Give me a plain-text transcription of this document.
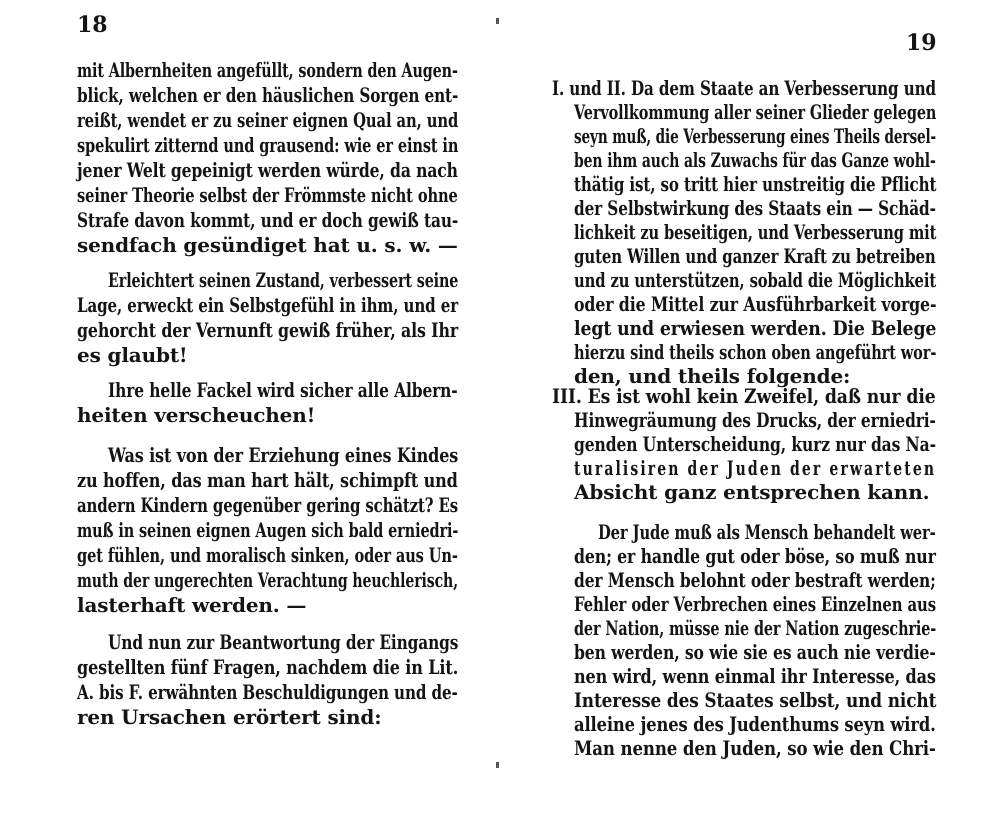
18
19
mit Albernheiten angefüllt, sondern den Augen-
blick, welchen er den häuslichen Sorgen ent-
reißt, wendet er zu seiner eignen Qual an, und
spekulirt zitternd und grausend: wie er einst in
jener Welt gepeinigt werden würde, da nach
seiner Theorie selbst der Frömmste nicht ohne
Strafe davon kommt, und er doch gewiß tau-
sendfach gesündiget hat u. s. w. —
Erleichtert seinen Zustand, verbessert seine
Lage, erweckt ein Selbstgefühl in ihm, und er
gehorcht der Vernunft gewiß früher, als Ihr
es glaubt!
Ihre helle Fackel wird sicher alle Albern-
heiten verscheuchen!
Was ist von der Erziehung eines Kindes
zu hoffen, das man hart hält, schimpft und
andern Kindern gegenüber gering schätzt? Es
muß in seinen eignen Augen sich bald erniedri-
get fühlen, und moralisch sinken, oder aus Un-
muth der ungerechten Verachtung heuchlerisch,
lasterhaft werden. —
Und nun zur Beantwortung der Eingangs
gestellten fünf Fragen, nachdem die in Lit.
A. bis F. erwähnten Beschuldigungen und de-
ren Ursachen erörtert sind:
I. und II. Da dem Staate an Verbesserung und
Vervollkommung aller seiner Glieder gelegen
seyn muß, die Verbesserung eines Theils dersel-
ben ihm auch als Zuwachs für das Ganze wohl-
thätig ist, so tritt hier unstreitig die Pflicht
der Selbstwirkung des Staats ein — Schäd-
lichkeit zu beseitigen, und Verbesserung mit
guten Willen und ganzer Kraft zu betreiben
und zu unterstützen, sobald die Möglichkeit
oder die Mittel zur Ausführbarkeit vorge-
legt und erwiesen werden. Die Belege
hierzu sind theils schon oben angeführt wor-
den, und theils folgende:
III. Es ist wohl kein Zweifel, daß nur die
Hinwegräumung des Drucks, der erniedri-
genden Unterscheidung, kurz nur das Na-
turalisiren der Juden der erwarteten
Absicht ganz entsprechen kann.
Der Jude muß als Mensch behandelt wer-
den; er handle gut oder böse, so muß nur
der Mensch belohnt oder bestraft werden;
Fehler oder Verbrechen eines Einzelnen aus
der Nation, müsse nie der Nation zugeschrie-
ben werden, so wie sie es auch nie verdie-
nen wird, wenn einmal ihr Interesse, das
Interesse des Staates selbst, und nicht
alleine jenes des Judenthums seyn wird.
Man nenne den Juden, so wie den Chri-
